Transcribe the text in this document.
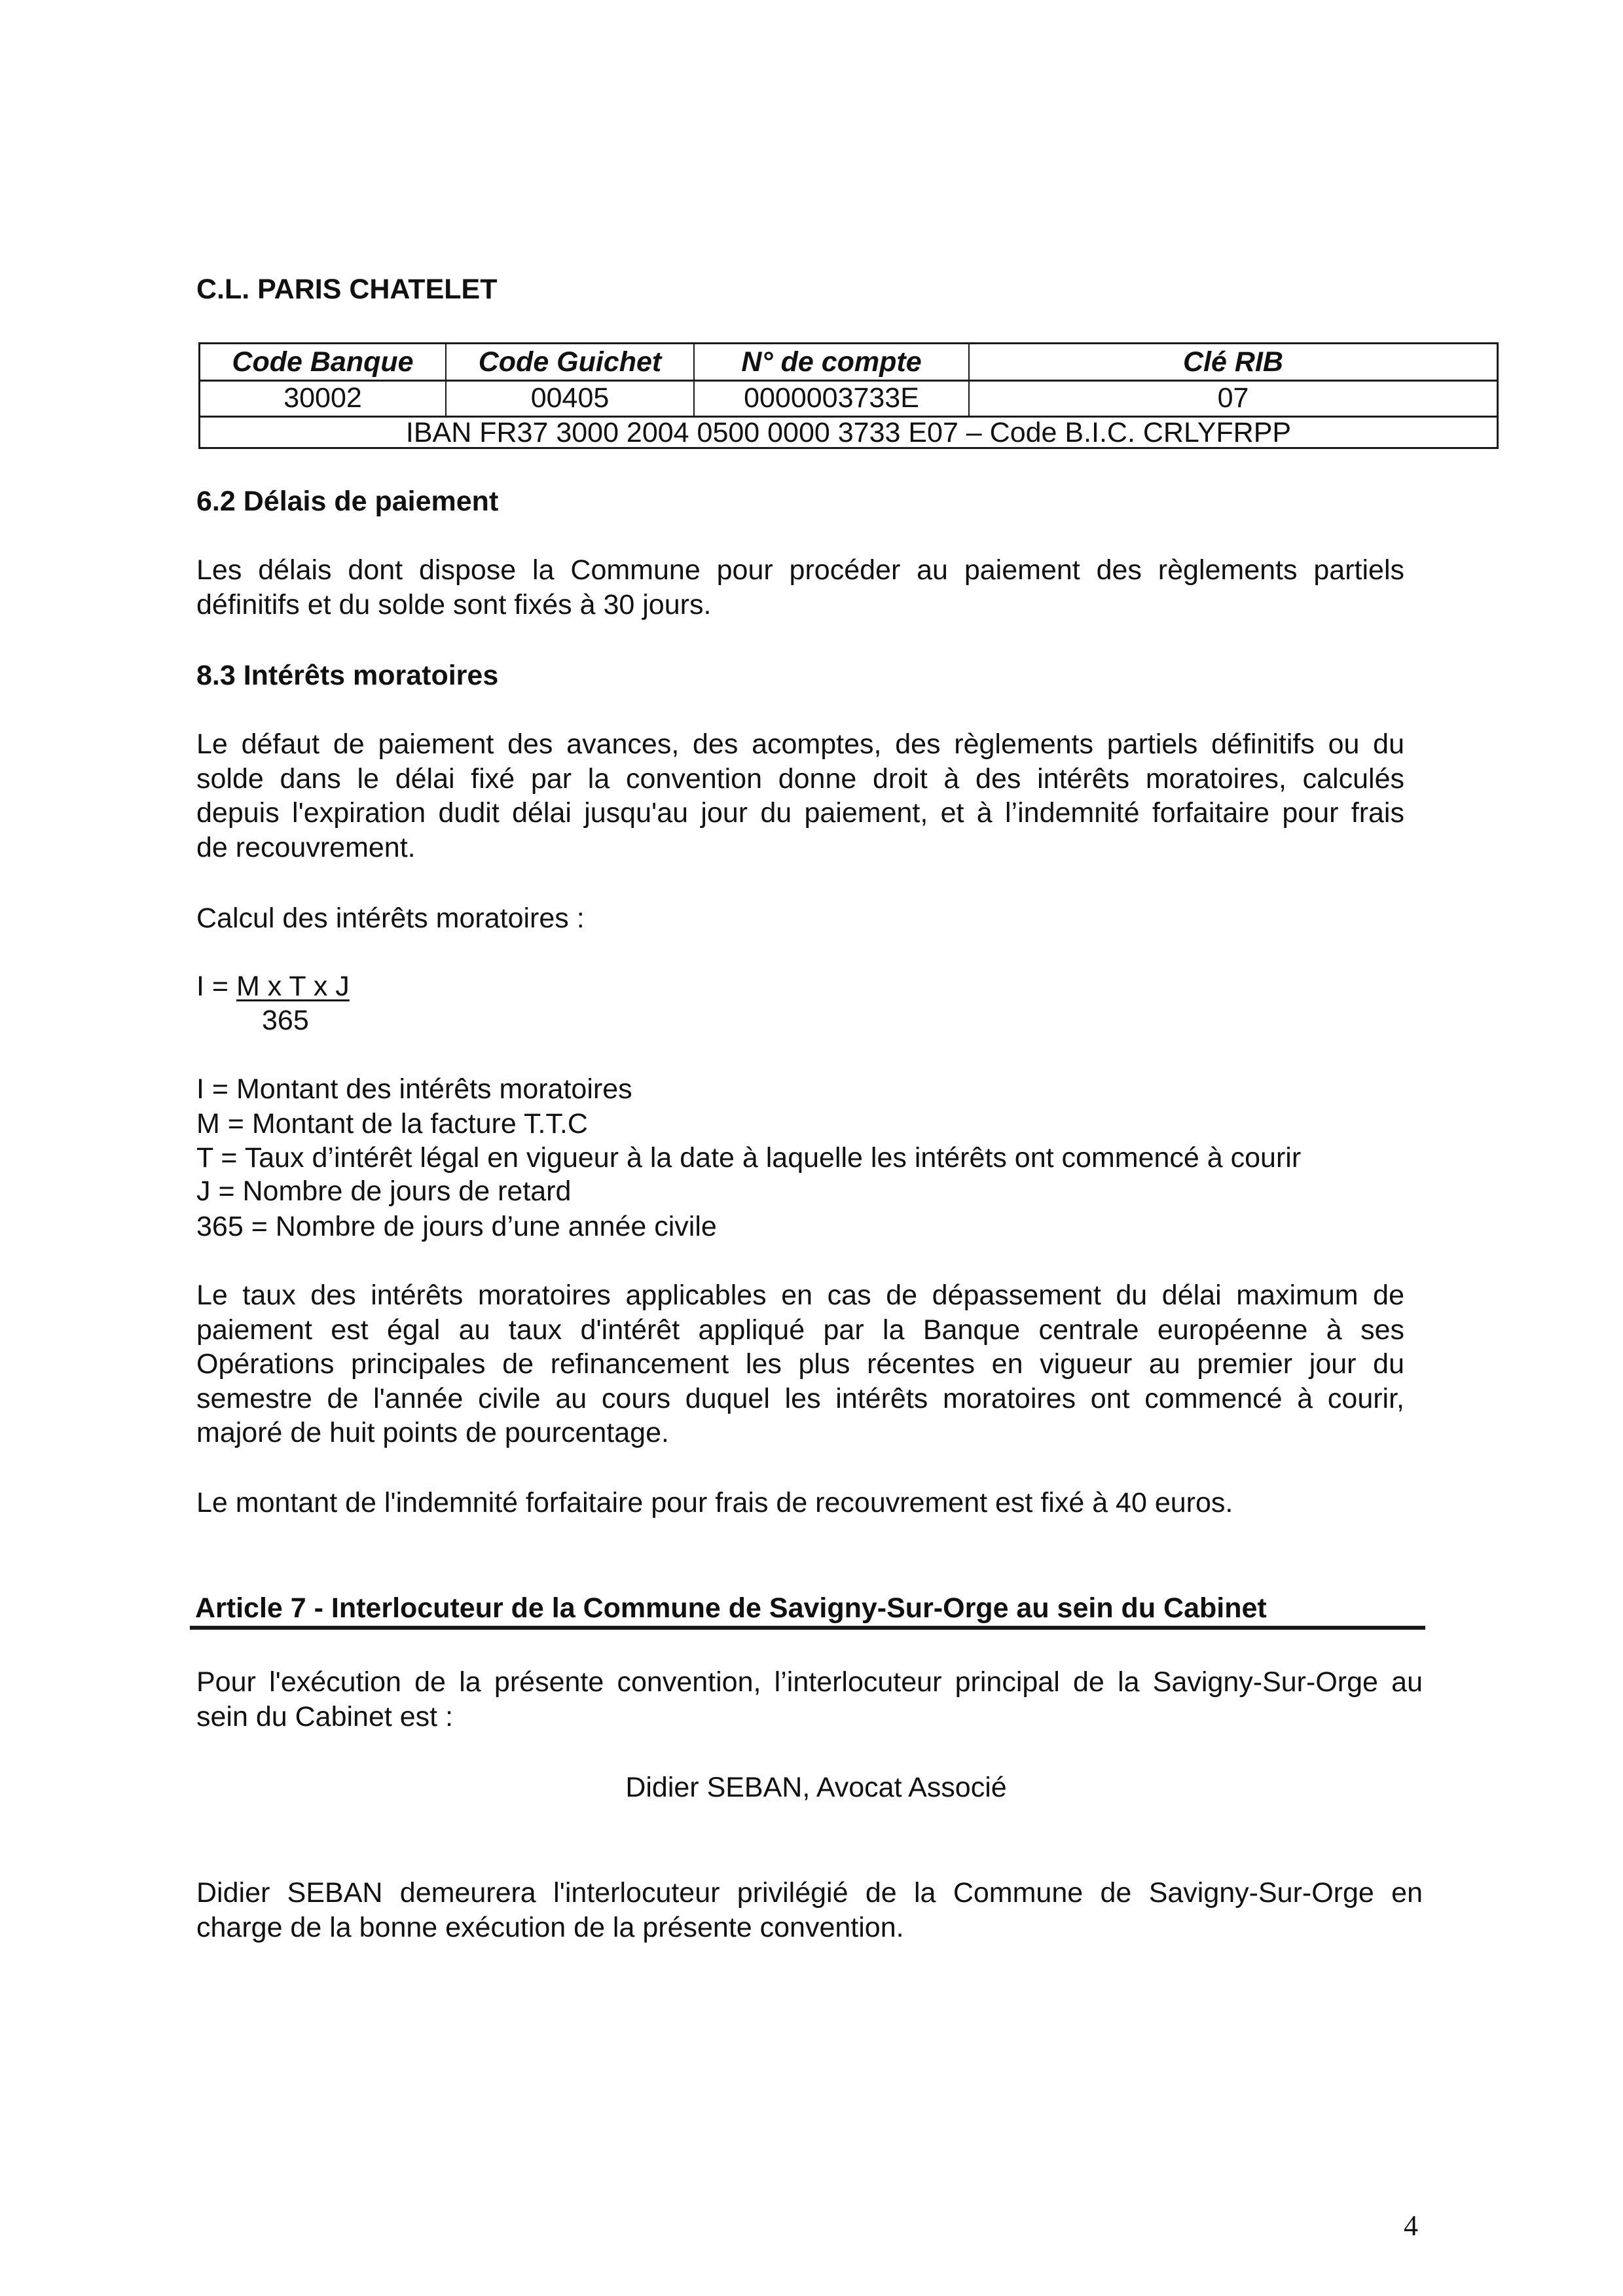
C.L. PARIS CHATELET
Code Banque	Code Guichet	N° de compte	Clé RIB
30002	00405	0000003733E	07
IBAN FR37 3000 2004 0500 0000 3733 E07 – Code B.I.C. CRLYFRPP
6.2 Délais de paiement
Les délais dont dispose la Commune pour procéder au paiement des règlements partiels
définitifs et du solde sont fixés à 30 jours.
8.3 Intérêts moratoires
Le défaut de paiement des avances, des acomptes, des règlements partiels définitifs ou du
solde dans le délai fixé par la convention donne droit à des intérêts moratoires, calculés
depuis l'expiration dudit délai jusqu'au jour du paiement, et à l’indemnité forfaitaire pour frais
de recouvrement.
Calcul des intérêts moratoires :
I = M x T x J
365
I = Montant des intérêts moratoires
M = Montant de la facture T.T.C
T = Taux d’intérêt légal en vigueur à la date à laquelle les intérêts ont commencé à courir
J = Nombre de jours de retard
365 = Nombre de jours d’une année civile
Le taux des intérêts moratoires applicables en cas de dépassement du délai maximum de
paiement est égal au taux d'intérêt appliqué par la Banque centrale européenne à ses
Opérations principales de refinancement les plus récentes en vigueur au premier jour du
semestre de l'année civile au cours duquel les intérêts moratoires ont commencé à courir,
majoré de huit points de pourcentage.
Le montant de l'indemnité forfaitaire pour frais de recouvrement est fixé à 40 euros.
Article 7 - Interlocuteur de la Commune de Savigny-Sur-Orge au sein du Cabinet
Pour l'exécution de la présente convention, l’interlocuteur principal de la Savigny-Sur-Orge au
sein du Cabinet est :
Didier SEBAN, Avocat Associé
Didier SEBAN demeurera l'interlocuteur privilégié de la Commune de Savigny-Sur-Orge en
charge de la bonne exécution de la présente convention.
4
